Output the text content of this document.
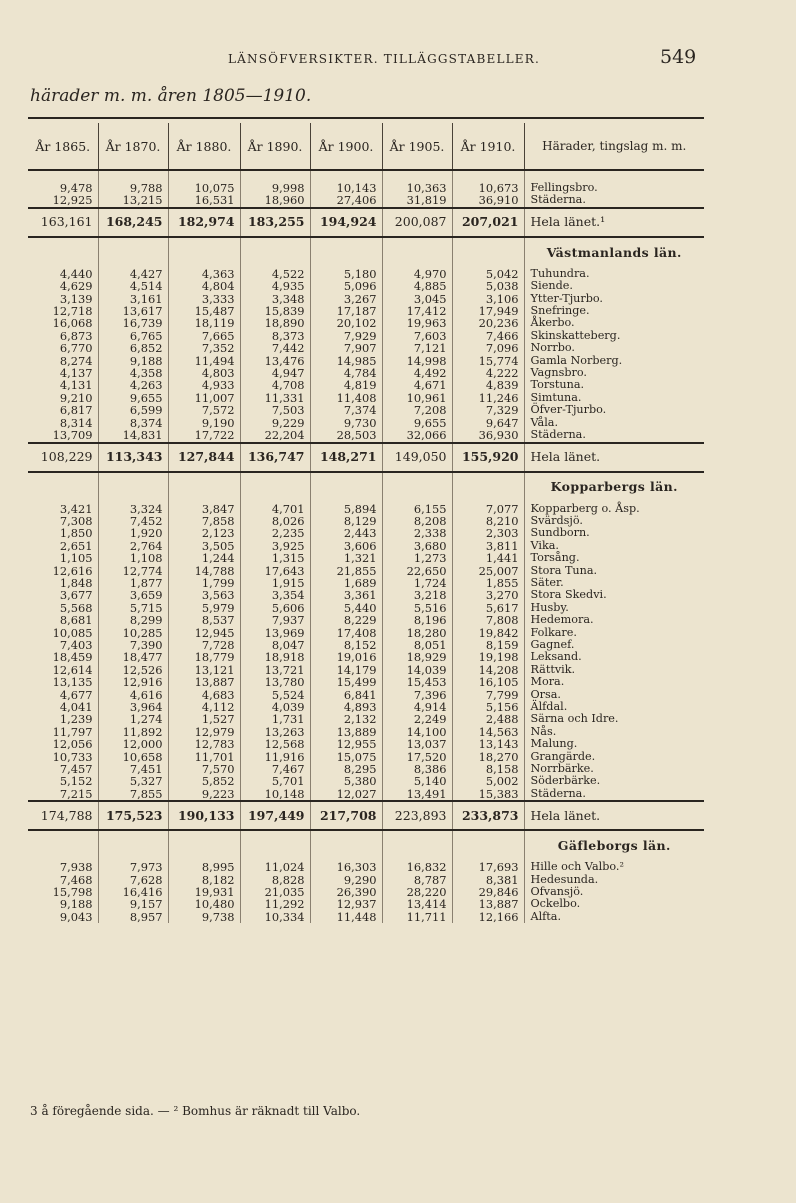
LÄNSÖFVERSIKTER. TILLÄGGSTABELLER.	549
härader m. m. åren 1805—1910.

År 1865.	År 1870.	År 1880.	År 1890.	År 1900.	År 1905.	År 1910.	Härader, tingslag m. m.

9,478	9,788	10,075	9,998	10,143	10,363	10,673	Fellingsbro.
12,925	13,215	16,531	18,960	27,406	31,819	36,910	Städerna.
163,161	168,245	182,974	183,255	194,924	200,087	207,021	Hela länet.¹
							Västmanlands län.
4,440	4,427	4,363	4,522	5,180	4,970	5,042	Tuhundra.
4,629	4,514	4,804	4,935	5,096	4,885	5,038	Siende.
3,139	3,161	3,333	3,348	3,267	3,045	3,106	Ytter-Tjurbo.
12,718	13,617	15,487	15,839	17,187	17,412	17,949	Snefringe.
16,068	16,739	18,119	18,890	20,102	19,963	20,236	Åkerbo.
6,873	6,765	7,665	8,373	7,929	7,603	7,466	Skinskatteberg.
6,770	6,852	7,352	7,442	7,907	7,121	7,096	Norrbo.
8,274	9,188	11,494	13,476	14,985	14,998	15,774	Gamla Norberg.
4,137	4,358	4,803	4,947	4,784	4,492	4,222	Vagnsbro.
4,131	4,263	4,933	4,708	4,819	4,671	4,839	Torstuna.
9,210	9,655	11,007	11,331	11,408	10,961	11,246	Simtuna.
6,817	6,599	7,572	7,503	7,374	7,208	7,329	Öfver-Tjurbo.
8,314	8,374	9,190	9,229	9,730	9,655	9,647	Våla.
13,709	14,831	17,722	22,204	28,503	32,066	36,930	Städerna.
108,229	113,343	127,844	136,747	148,271	149,050	155,920	Hela länet.
							Kopparbergs län.
3,421	3,324	3,847	4,701	5,894	6,155	7,077	Kopparberg o. Åsp.
7,308	7,452	7,858	8,026	8,129	8,208	8,210	Svärdsjö.
1,850	1,920	2,123	2,235	2,443	2,338	2,303	Sundborn.
2,651	2,764	3,505	3,925	3,606	3,680	3,811	Vika.
1,105	1,108	1,244	1,315	1,321	1,273	1,441	Torsång.
12,616	12,774	14,788	17,643	21,855	22,650	25,007	Stora Tuna.
1,848	1,877	1,799	1,915	1,689	1,724	1,855	Säter.
3,677	3,659	3,563	3,354	3,361	3,218	3,270	Stora Skedvi.
5,568	5,715	5,979	5,606	5,440	5,516	5,617	Husby.
8,681	8,299	8,537	7,937	8,229	8,196	7,808	Hedemora.
10,085	10,285	12,945	13,969	17,408	18,280	19,842	Folkare.
7,403	7,390	7,728	8,047	8,152	8,051	8,159	Gagnef.
18,459	18,477	18,779	18,918	19,016	18,929	19,198	Leksand.
12,614	12,526	13,121	13,721	14,179	14,039	14,208	Rättvik.
13,135	12,916	13,887	13,780	15,499	15,453	16,105	Mora.
4,677	4,616	4,683	5,524	6,841	7,396	7,799	Orsa.
4,041	3,964	4,112	4,039	4,893	4,914	5,156	Älfdal.
1,239	1,274	1,527	1,731	2,132	2,249	2,488	Särna och Idre.
11,797	11,892	12,979	13,263	13,889	14,100	14,563	Nås.
12,056	12,000	12,783	12,568	12,955	13,037	13,143	Malung.
10,733	10,658	11,701	11,916	15,075	17,520	18,270	Grangärde.
7,457	7,451	7,570	7,467	8,295	8,386	8,158	Norrbärke.
5,152	5,327	5,852	5,701	5,380	5,140	5,002	Söderbärke.
7,215	7,855	9,223	10,148	12,027	13,491	15,383	Städerna.
174,788	175,523	190,133	197,449	217,708	223,893	233,873	Hela länet.
							Gäfleborgs län.
7,938	7,973	8,995	11,024	16,303	16,832	17,693	Hille och Valbo.²
7,468	7,628	8,182	8,828	9,290	8,787	8,381	Hedesunda.
15,798	16,416	19,931	21,035	26,390	28,220	29,846	Ofvansjö.
9,188	9,157	10,480	11,292	12,937	13,414	13,887	Ockelbo.
9,043	8,957	9,738	10,334	11,448	11,711	12,166	Alfta.
3 å föregående sida. — ² Bomhus är räknadt till Valbo.
